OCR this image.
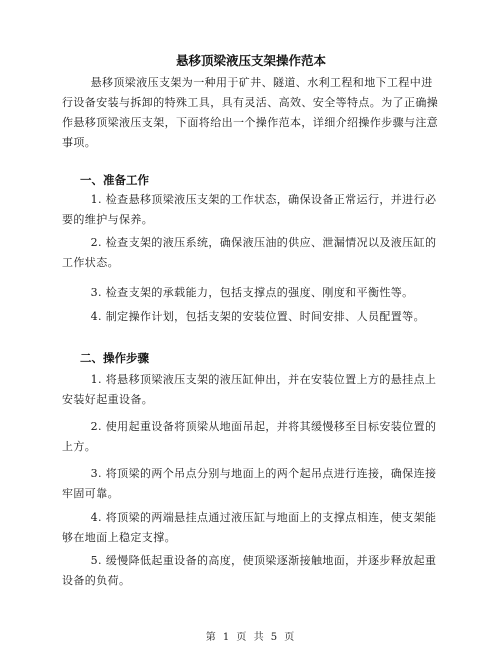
悬移顶梁液压支架操作范本
悬移顶梁液压支架为一种用于矿井、隧道、水利工程和地下工程中进行设备安装与拆卸的特殊工具，具有灵活、高效、安全等特点。为了正确操作悬移顶梁液压支架，下面将给出一个操作范本，详细介绍操作步骤与注意事项。
一、准备工作
1. 检查悬移顶梁液压支架的工作状态，确保设备正常运行，并进行必要的维护与保养。
2. 检查支架的液压系统，确保液压油的供应、泄漏情况以及液压缸的工作状态。
3. 检查支架的承载能力，包括支撑点的强度、刚度和平衡性等。
4. 制定操作计划，包括支架的安装位置、时间安排、人员配置等。
二、操作步骤
1. 将悬移顶梁液压支架的液压缸伸出，并在安装位置上方的悬挂点上安装好起重设备。
2. 使用起重设备将顶梁从地面吊起，并将其缓慢移至目标安装位置的上方。
3. 将顶梁的两个吊点分别与地面上的两个起吊点进行连接，确保连接牢固可靠。
4. 将顶梁的两端悬挂点通过液压缸与地面上的支撑点相连，使支架能够在地面上稳定支撑。
5. 缓慢降低起重设备的高度，使顶梁逐渐接触地面，并逐步释放起重设备的负荷。
第 1 页 共 5 页
